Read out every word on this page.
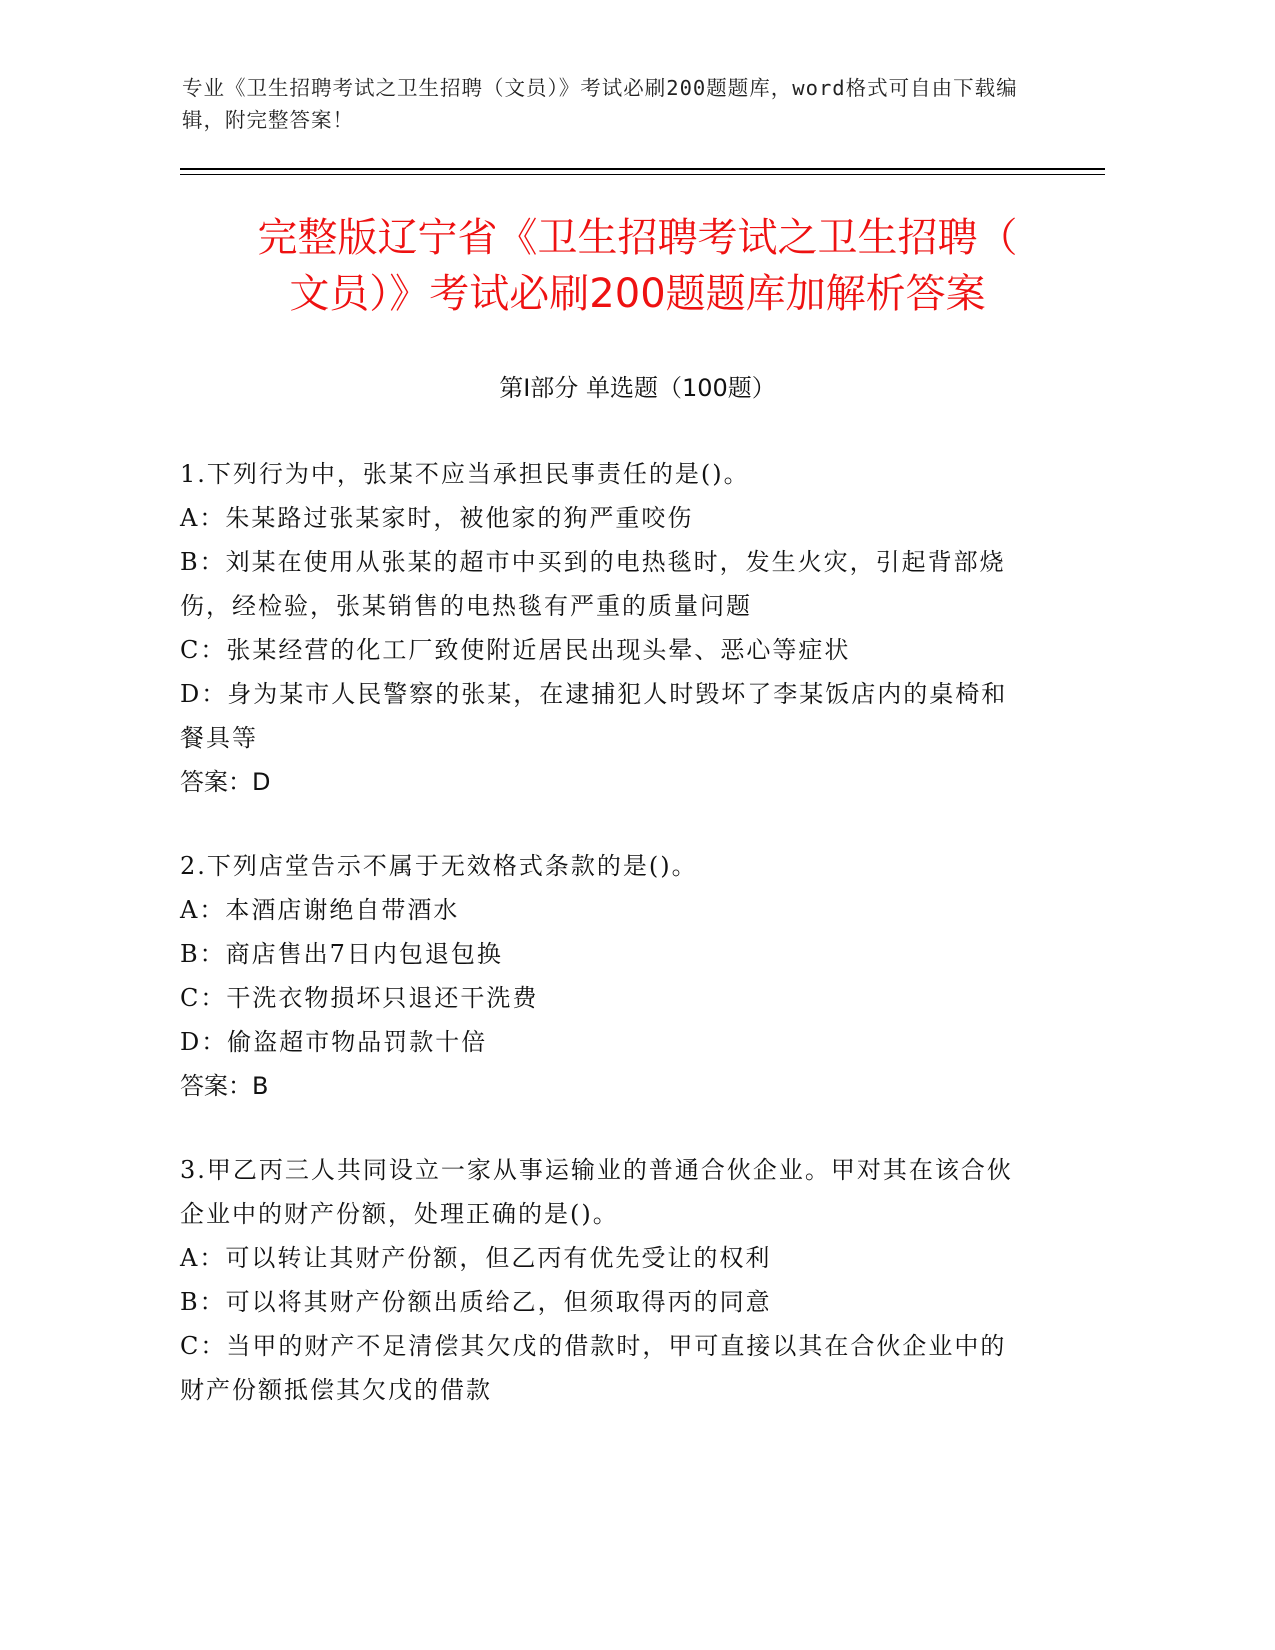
专业《卫生招聘考试之卫生招聘（文员）》考试必刷200题题库，word格式可自由下载编辑，附完整答案！
完整版辽宁省《卫生招聘考试之卫生招聘（
文员）》考试必刷200题题库加解析答案
第Ⅰ部分 单选题（100题）
1.下列行为中，张某不应当承担民事责任的是()。
A：朱某路过张某家时，被他家的狗严重咬伤
B：刘某在使用从张某的超市中买到的电热毯时，发生火灾，引起背部烧伤，经检验，张某销售的电热毯有严重的质量问题
C：张某经营的化工厂致使附近居民出现头晕、恶心等症状
D：身为某市人民警察的张某，在逮捕犯人时毁坏了李某饭店内的桌椅和餐具等
答案：D
2.下列店堂告示不属于无效格式条款的是()。
A：本酒店谢绝自带酒水
B：商店售出7日内包退包换
C：干洗衣物损坏只退还干洗费
D：偷盗超市物品罚款十倍
答案：B
3.甲乙丙三人共同设立一家从事运输业的普通合伙企业。甲对其在该合伙企业中的财产份额，处理正确的是()。
A：可以转让其财产份额，但乙丙有优先受让的权利
B：可以将其财产份额出质给乙，但须取得丙的同意
C：当甲的财产不足清偿其欠戊的借款时，甲可直接以其在合伙企业中的财产份额抵偿其欠戊的借款
